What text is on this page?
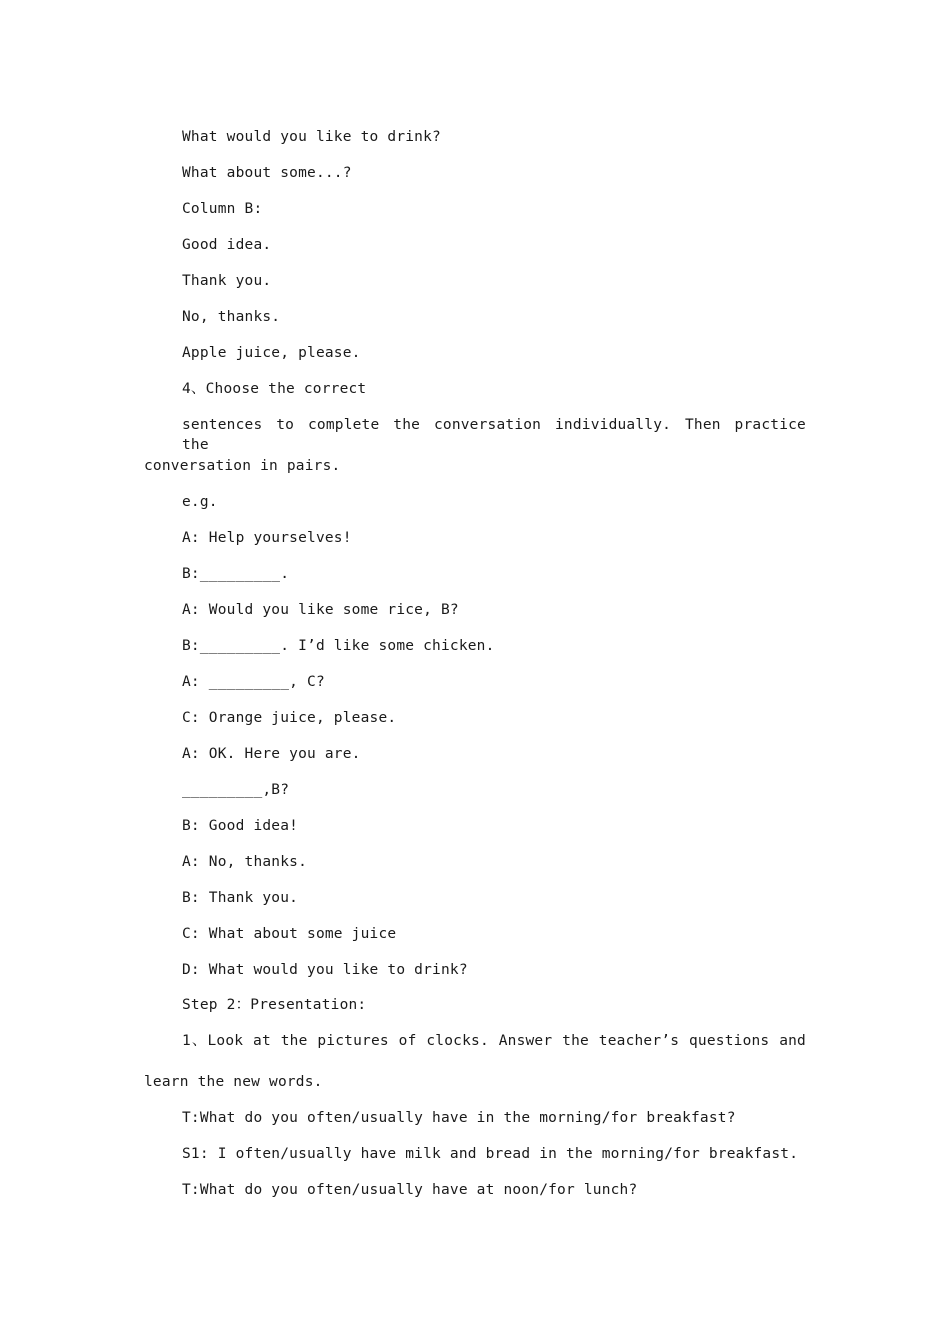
What would you like to drink?
What about some...?
Column B:
Good idea.
Thank you.
No, thanks.
Apple juice, please.
4、Choose the correct
sentences to complete the conversation individually. Then practice the
conversation in pairs.
e.g.
A: Help yourselves!
B:_________.
A: Would you like some rice, B?
B:_________. I’d like some chicken.
A: _________, C?
C: Orange juice, please.
A: OK. Here you are.
_________,B?
B: Good idea!
A: No, thanks.
B: Thank you.
C: What about some juice
D: What would you like to drink?
Step 2：Presentation:
1、Look at the pictures of clocks. Answer the teacher’s questions and
learn the new words.
T:What do you often/usually have in the morning/for breakfast?
S1: I often/usually have milk and bread in the morning/for breakfast.
T:What do you often/usually have at noon/for lunch?
